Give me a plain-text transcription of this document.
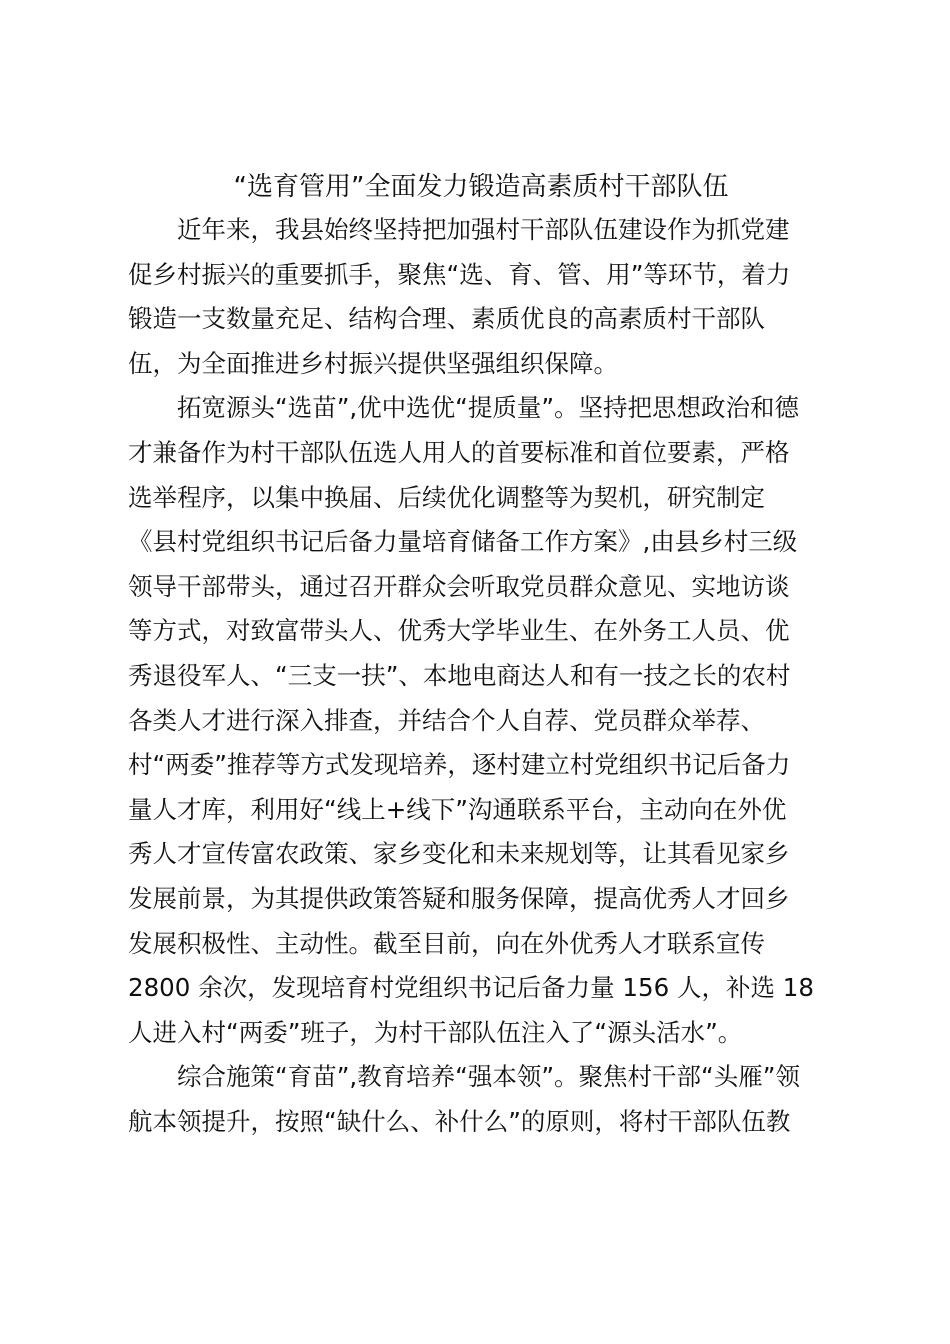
“选育管用”全面发力锻造高素质村干部队伍

近年来，我县始终坚持把加强村干部队伍建设作为抓党建
促乡村振兴的重要抓手，聚焦“选、育、管、用”等环节，着力
锻造一支数量充足、结构合理、素质优良的高素质村干部队
伍，为全面推进乡村振兴提供坚强组织保障。

拓宽源头“选苗”,优中选优“提质量”。坚持把思想政治和德
才兼备作为村干部队伍选人用人的首要标准和首位要素，严格
选举程序，以集中换届、后续优化调整等为契机，研究制定
《县村党组织书记后备力量培育储备工作方案》,由县乡村三级
领导干部带头，通过召开群众会听取党员群众意见、实地访谈
等方式，对致富带头人、优秀大学毕业生、在外务工人员、优
秀退役军人、“三支一扶”、本地电商达人和有一技之长的农村
各类人才进行深入排查，并结合个人自荐、党员群众举荐、
村“两委”推荐等方式发现培养，逐村建立村党组织书记后备力
量人才库，利用好“线上+线下”沟通联系平台，主动向在外优
秀人才宣传富农政策、家乡变化和未来规划等，让其看见家乡
发展前景，为其提供政策答疑和服务保障，提高优秀人才回乡
发展积极性、主动性。截至目前，向在外优秀人才联系宣传
2800 余次，发现培育村党组织书记后备力量 156 人，补选 18
人进入村“两委”班子，为村干部队伍注入了“源头活水”。

综合施策“育苗”,教育培养“强本领”。聚焦村干部“头雁”领
航本领提升，按照“缺什么、补什么”的原则，将村干部队伍教
